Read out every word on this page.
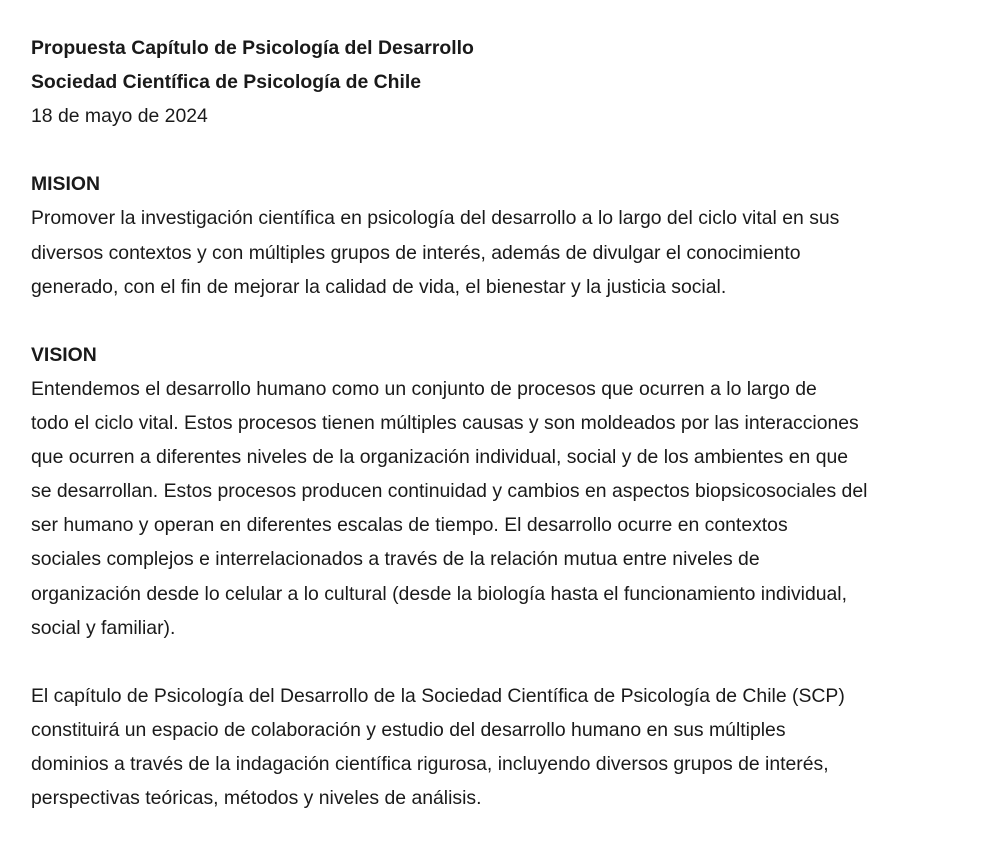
Propuesta Capítulo de Psicología del Desarrollo
Sociedad Científica de Psicología de Chile
18 de mayo de 2024
MISION
Promover la investigación científica en psicología del desarrollo a lo largo del ciclo vital en sus
diversos contextos y con múltiples grupos de interés, además de divulgar el conocimiento
generado, con el fin de mejorar la calidad de vida, el bienestar y la justicia social.
VISION
Entendemos el desarrollo humano como un conjunto de procesos que ocurren a lo largo de
todo el ciclo vital. Estos procesos tienen múltiples causas y son moldeados por las interacciones
que ocurren a diferentes niveles de la organización individual, social y de los ambientes en que
se desarrollan. Estos procesos producen continuidad y cambios en aspectos biopsicosociales del
ser humano y operan en diferentes escalas de tiempo. El desarrollo ocurre en contextos
sociales complejos e interrelacionados a través de la relación mutua entre niveles de
organización desde lo celular a lo cultural (desde la biología hasta el funcionamiento individual,
social y familiar).
El capítulo de Psicología del Desarrollo de la Sociedad Científica de Psicología de Chile (SCP)
constituirá un espacio de colaboración y estudio del desarrollo humano en sus múltiples
dominios a través de la indagación científica rigurosa, incluyendo diversos grupos de interés,
perspectivas teóricas, métodos y niveles de análisis.
